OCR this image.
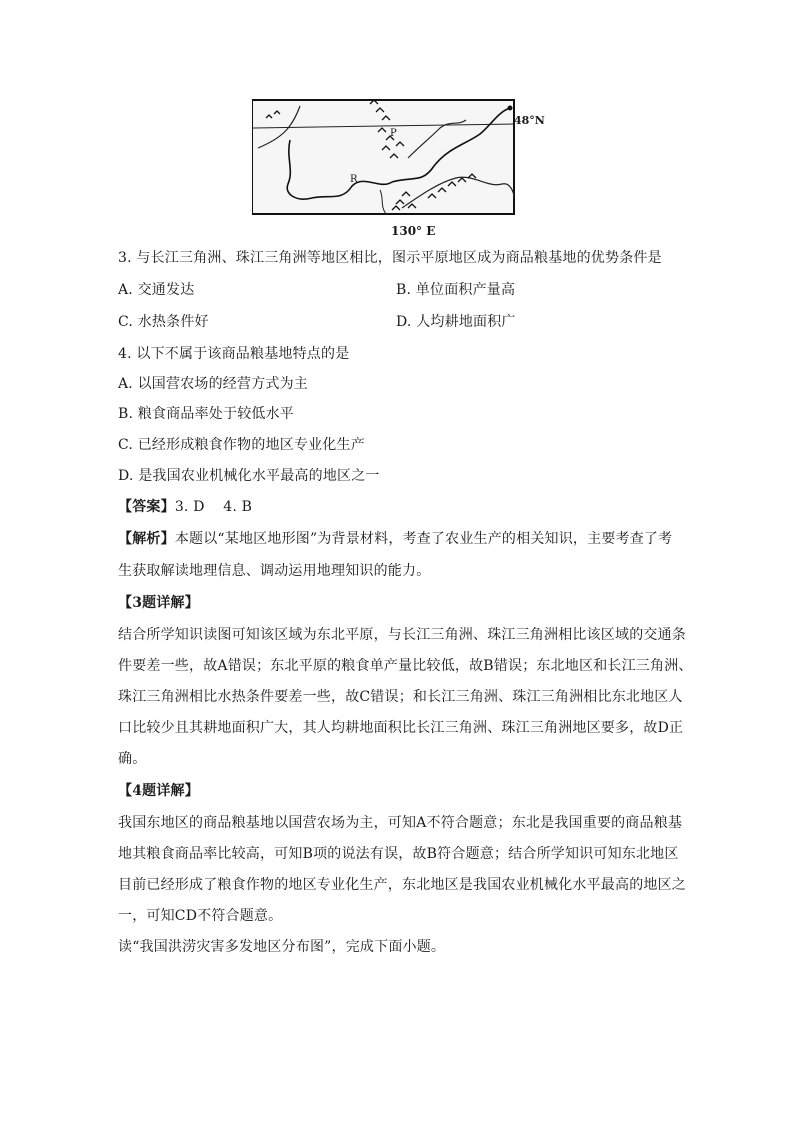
P
R
48°N
130° E
3. 与长江三角洲、珠江三角洲等地区相比，图示平原地区成为商品粮基地的优势条件是
A. 交通发达	B. 单位面积产量高
C. 水热条件好	D. 人均耕地面积广
4. 以下不属于该商品粮基地特点的是
A. 以国营农场的经营方式为主
B. 粮食商品率处于较低水平
C. 已经形成粮食作物的地区专业化生产
D. 是我国农业机械化水平最高的地区之一
【答案】3. D    4. B
【解析】本题以“某地区地形图”为背景材料，考查了农业生产的相关知识，主要考查了考
生获取解读地理信息、调动运用地理知识的能力。
【3题详解】
结合所学知识读图可知该区域为东北平原，与长江三角洲、珠江三角洲相比该区域的交通条
件要差一些，故A错误；东北平原的粮食单产量比较低，故B错误；东北地区和长江三角洲、
珠江三角洲相比水热条件要差一些，故C错误；和长江三角洲、珠江三角洲相比东北地区人
口比较少且其耕地面积广大，其人均耕地面积比长江三角洲、珠江三角洲地区要多，故D正
确。
【4题详解】
我国东地区的商品粮基地以国营农场为主，可知A不符合题意；东北是我国重要的商品粮基
地其粮食商品率比较高，可知B项的说法有误，故B符合题意；结合所学知识可知东北地区
目前已经形成了粮食作物的地区专业化生产，东北地区是我国农业机械化水平最高的地区之
一，可知CD不符合题意。
读“我国洪涝灾害多发地区分布图”，完成下面小题。
